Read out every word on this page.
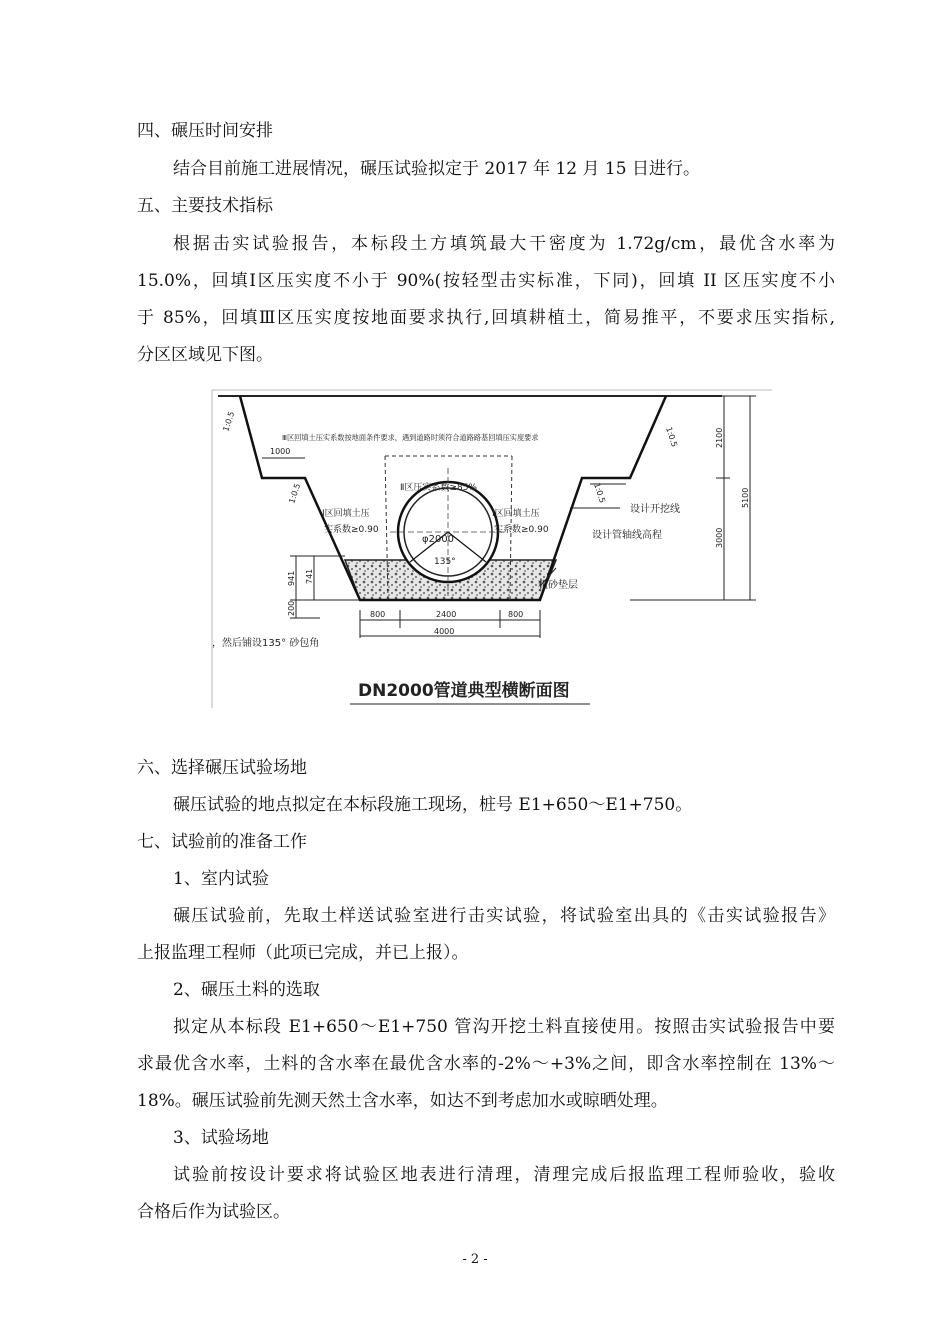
四、碾压时间安排
结合目前施工进展情况，碾压试验拟定于 2017 年 12 月 15 日进行。
五、主要技术指标
根据击实试验报告，本标段土方填筑最大干密度为 1.72g/cm，最优含水率为
15.0%，回填Ⅰ区压实度不小于 90%(按轻型击实标准，下同)，回填 II 区压实度不小
于 85%，回填Ⅲ区压实度按地面要求执行,回填耕植土，简易推平，不要求压实指标,
分区区域见下图。
Ⅲ区回填土压实系数按地面条件要求，遇到道路时须符合道路路基回填压实度要求
Ⅱ区压实系数≥85%
Ⅰ区回填土压
实系数≥0.90
Ⅰ区回填土压
实系数≥0.90
φ2000
135°
设计开挖线
设计管轴线高程
粗砂垫层
1:0.5
1:0.5
1:0.5	1:0.5
1000
800	2400	800
4000
941 741
200
2100
3000
5100
，然后铺设135° 砂包角
DN2000管道典型横断面图
六、选择碾压试验场地
碾压试验的地点拟定在本标段施工现场，桩号 E1+650～E1+750。
七、试验前的准备工作
1、室内试验
碾压试验前，先取土样送试验室进行击实试验，将试验室出具的《击实试验报告》
上报监理工程师（此项已完成，并已上报）。
2、碾压土料的选取
拟定从本标段 E1+650～E1+750 管沟开挖土料直接使用。按照击实试验报告中要
求最优含水率，土料的含水率在最优含水率的-2%～+3%之间，即含水率控制在 13%～
18%。碾压试验前先测天然土含水率，如达不到考虑加水或晾晒处理。
3、试验场地
试验前按设计要求将试验区地表进行清理，清理完成后报监理工程师验收，验收
合格后作为试验区。
- 2 -
